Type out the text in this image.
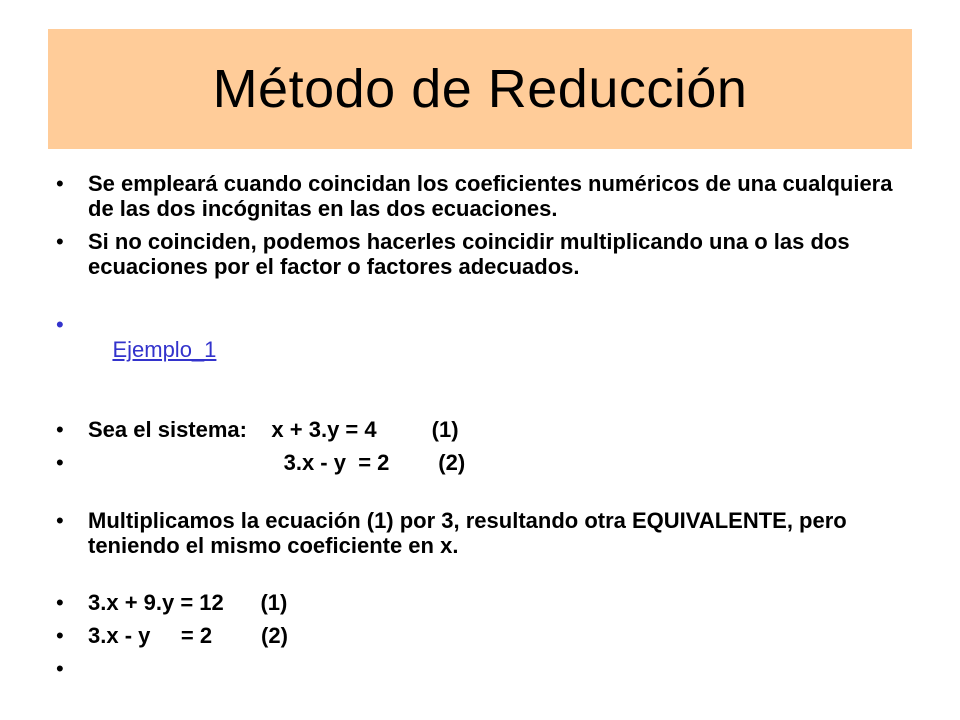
Método de Reducción
• Se empleará cuando coincidan los coeficientes numéricos de una cualquiera de las dos incógnitas en las dos ecuaciones.
• Si no coinciden, podemos hacerles coincidir multiplicando una o las dos ecuaciones por el factor o factores adecuados.

• Ejemplo_1

• Sea el sistema:    x + 3.y = 4         (1)
•                                 3.x - y  = 2        (2)
• Multiplicamos la ecuación (1) por 3, resultando otra EQUIVALENTE, pero teniendo el mismo coeficiente en x.
• 3.x + 9.y = 12      (1)
• 3.x - y     = 2        (2)
•
